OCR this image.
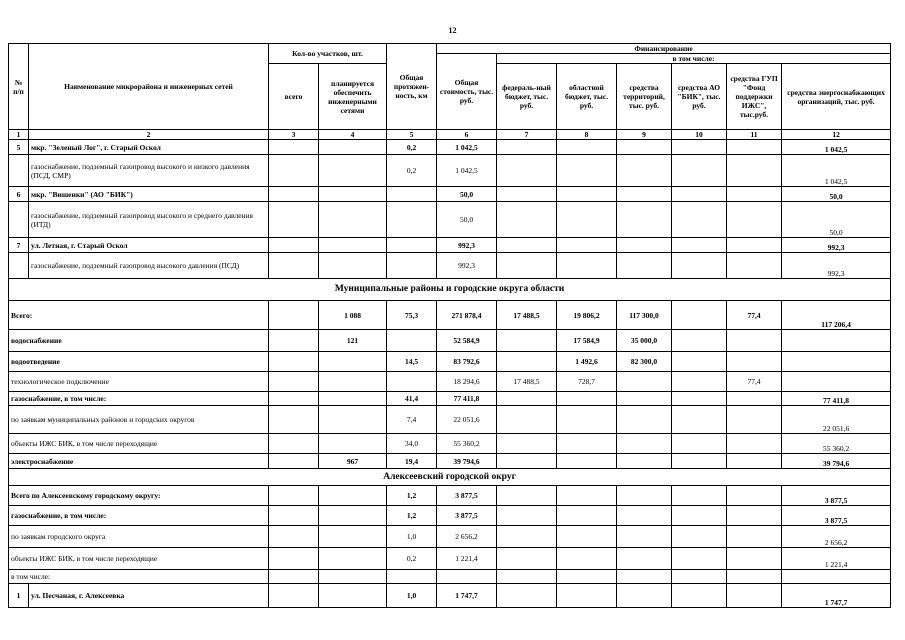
12
№ п/п	Наименование микрорайона и инженерных сетей	Кол-во участков, шт.		Общая протяжен-ность, км	Финансирование						
					Общая стоимость, тыс. руб.	в том числе:					
		всего	планируется обеспечить инженерными сетями			федераль-ный бюджет, тыс. руб.	областной бюджет, тыс. руб.	средства территорий, тыс. руб.	средства АО "БИК", тыс. руб.	средства ГУП "Фонд поддержки ИЖС", тыс.руб.	средства энергоснабжающих организаций, тыс. руб.
1	2	3	4	5	6	7	8	9	10	11	12
5	мкр. "Зеленый Лог", г. Старый Оскол			0,2	1 042,5						1 042,5
	газоснабжение, подземный газопровод высокого и низкого давления (ПСД, СМР)			0,2	1 042,5						1 042,5
6	мкр. "Вишенки" (АО "БИК")				50,0						50,0
	газоснабжение, подземный газопровод высокого и среднего давления (ИТД)				50,0						50,0
7	ул. Летная, г. Старый Оскол				992,3						992,3
	газоснабжение, подземный газопровод высокого давления (ПСД)				992,3						992,3
Муниципальные районы и городские округа области											
Всего:			1 088	75,3	271 878,4	17 488,5	19 806,2	117 300,0		77,4	117 206,4
водоснабжение			121		52 584,9		17 584,9	35 000,0			
водоотведение				14,5	83 792,6		1 492,6	82 300,0			
технологическое подключение					18 294,6	17 488,5	728,7			77,4	
газоснабжение, в том числе:				41,4	77 411,8						77 411,8
по заявкам муниципальных районов и городских округов				7,4	22 051,6						22 051,6
объекты ИЖС БИК, в том числе переходящие				34,0	55 360,2						55 360,2
электроснабжение			967	19,4	39 794,6						39 794,6
Алексеевский городской округ											
Всего по Алексеевскому городскому округу:				1,2	3 877,5						3 877,5
газоснабжение, в том числе:				1,2	3 877,5						3 877,5
по заявкам городского округа				1,0	2 656,2						2 656,2
объекты ИЖС БИК, в том числе переходящие				0,2	1 221,4						1 221,4
в том числе:											
1	ул. Песчаная, г. Алексеевка			1,0	1 747,7						1 747,7
